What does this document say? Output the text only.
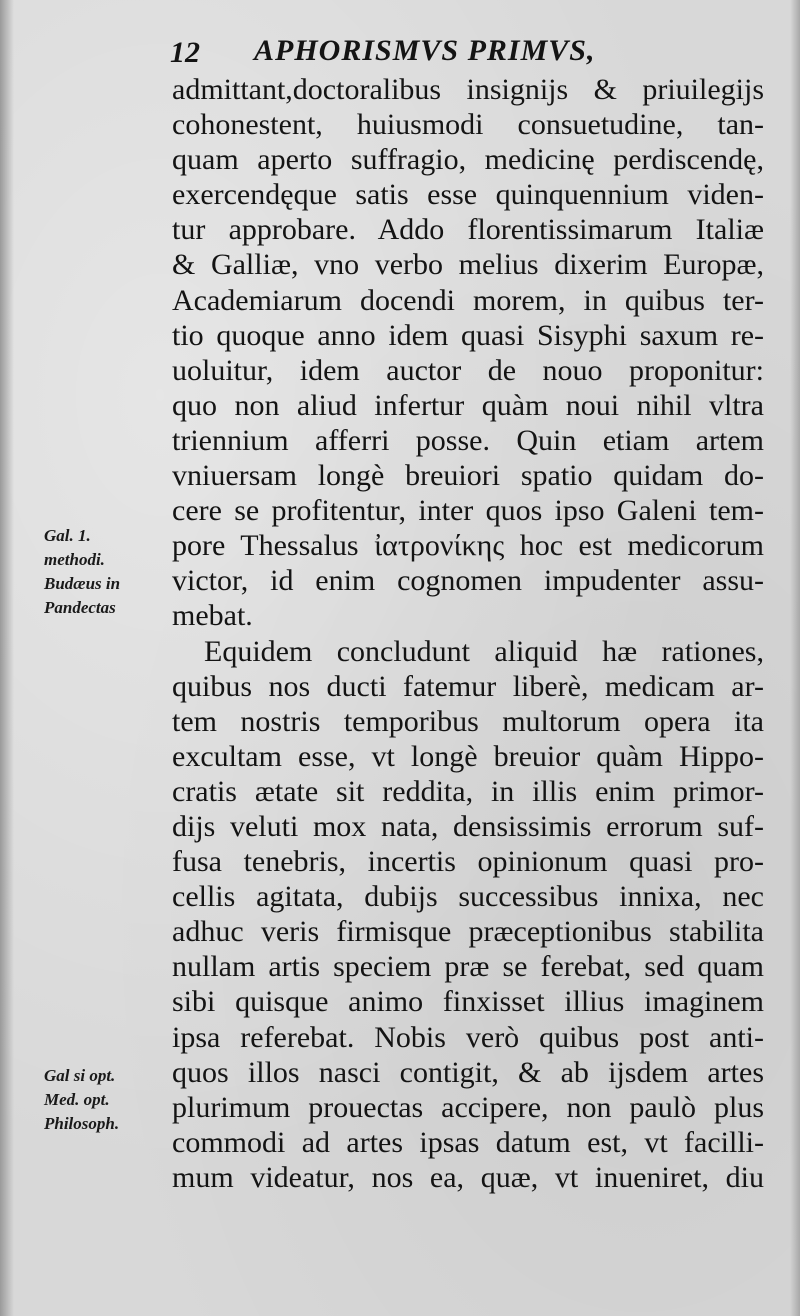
12 APHORISMVS PRIMVS,
admittant,doctoralibus insignijs & priuilegijs
cohonestent, huiusmodi consuetudine, tan-
quam aperto suffragio, medicinę perdiscendę,
exercendęque satis esse quinquennium viden-
tur approbare. Addo florentissimarum Italiæ
& Galliæ, vno verbo melius dixerim Europæ,
Academiarum docendi morem, in quibus ter-
tio quoque anno idem quasi Sisyphi saxum re-
uoluitur, idem auctor de nouo proponitur:
quo non aliud infertur quàm noui nihil vltra
triennium afferri posse. Quin etiam artem
vniuersam longè breuiori spatio quidam do-
cere se profitentur, inter quos ipso Galeni tem-
pore Thessalus ἰατρονίκης hoc est medicorum
victor, id enim cognomen impudenter assu-
mebat.
Equidem concludunt aliquid hæ rationes,
quibus nos ducti fatemur liberè, medicam ar-
tem nostris temporibus multorum opera ita
excultam esse, vt longè breuior quàm Hippo-
cratis ætate sit reddita, in illis enim primor-
dijs veluti mox nata, densissimis errorum suf-
fusa tenebris, incertis opinionum quasi pro-
cellis agitata, dubijs successibus innixa, nec
adhuc veris firmisque præceptionibus stabilita
nullam artis speciem præ se ferebat, sed quam
sibi quisque animo finxisset illius imaginem
ipsa referebat. Nobis verò quibus post anti-
quos illos nasci contigit, & ab ijsdem artes
plurimum prouectas accipere, non paulò plus
commodi ad artes ipsas datum est, vt facilli-
mum videatur, nos ea, quæ, vt inueniret, diu
Gal. 1.
methodi.
Budæus in
Pandectas
Gal si opt.
Med. opt.
Philosoph.
